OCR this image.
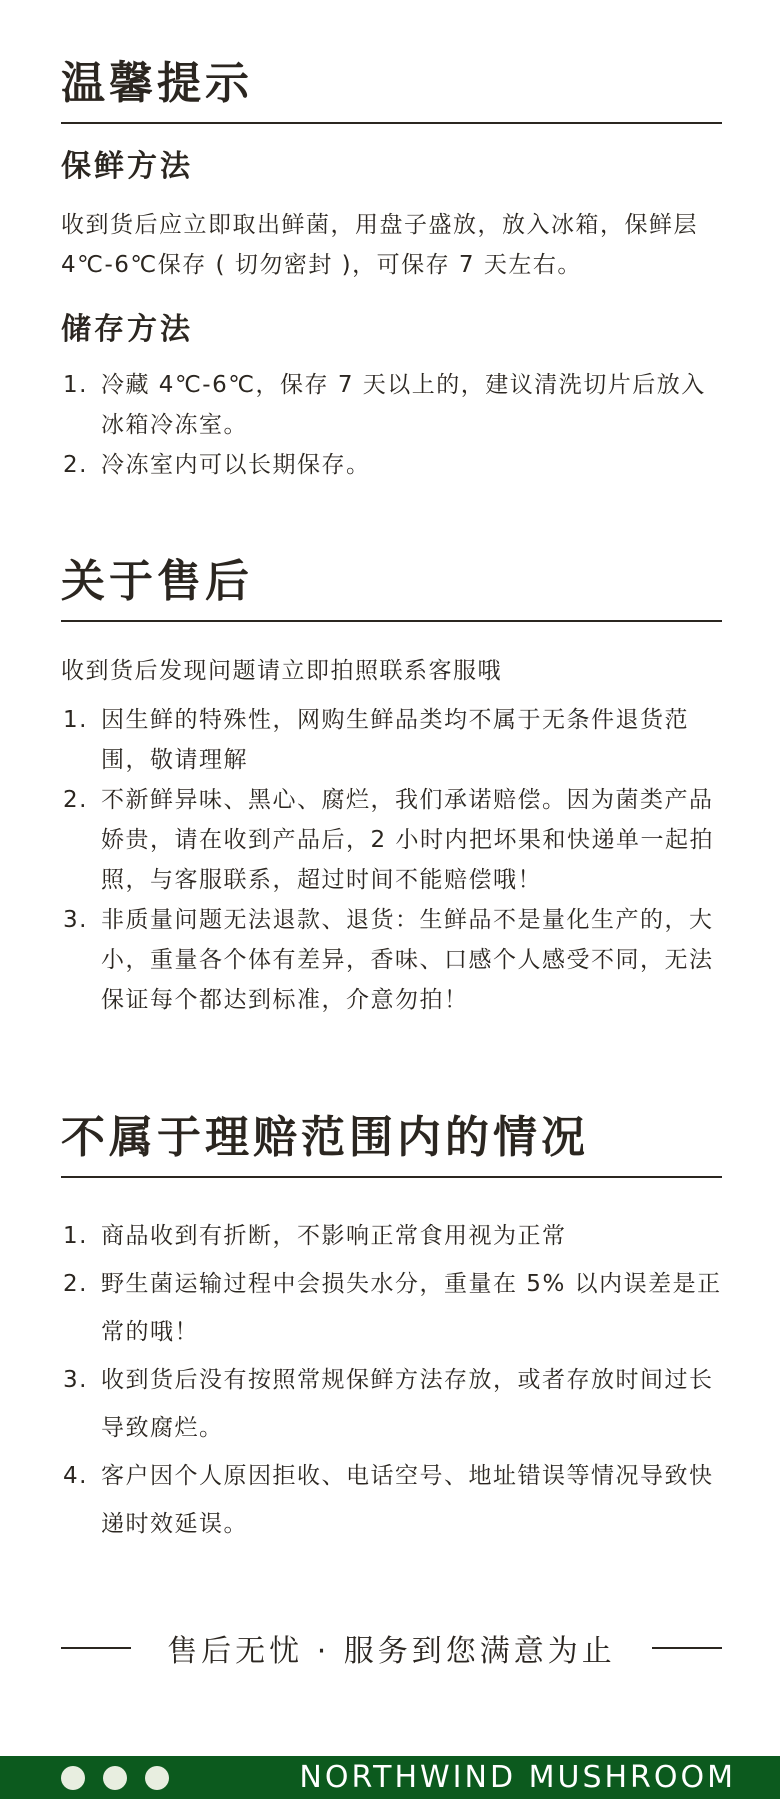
温馨提示
保鲜方法

收到货后应立即取出鲜菌，用盘子盛放，放入冰箱，保鲜层 4℃-6℃保存 ( 切勿密封 )，可保存 7 天左右。

储存方法
1. 冷藏 4℃-6℃，保存 7 天以上的，建议清洗切片后放入冰箱冷冻室。
2. 冷冻室内可以长期保存。
关于售后

收到货后发现问题请立即拍照联系客服哦

1. 因生鲜的特殊性，网购生鲜品类均不属于无条件退货范围，敬请理解
2. 不新鲜异味、黑心、腐烂，我们承诺赔偿。因为菌类产品娇贵，请在收到产品后，2 小时内把坏果和快递单一起拍照，与客服联系，超过时间不能赔偿哦！
3. 非质量问题无法退款、退货：生鲜品不是量化生产的，大小，重量各个体有差异，香味、口感个人感受不同，无法保证每个都达到标准，介意勿拍！
不属于理赔范围内的情况
1. 商品收到有折断，不影响正常食用视为正常
2. 野生菌运输过程中会损失水分，重量在 5% 以内误差是正常的哦！
3. 收到货后没有按照常规保鲜方法存放，或者存放时间过长导致腐烂。
4. 客户因个人原因拒收、电话空号、地址错误等情况导致快递时效延误。
售后无忧 · 服务到您满意为止
NORTHWIND MUSHROOM
